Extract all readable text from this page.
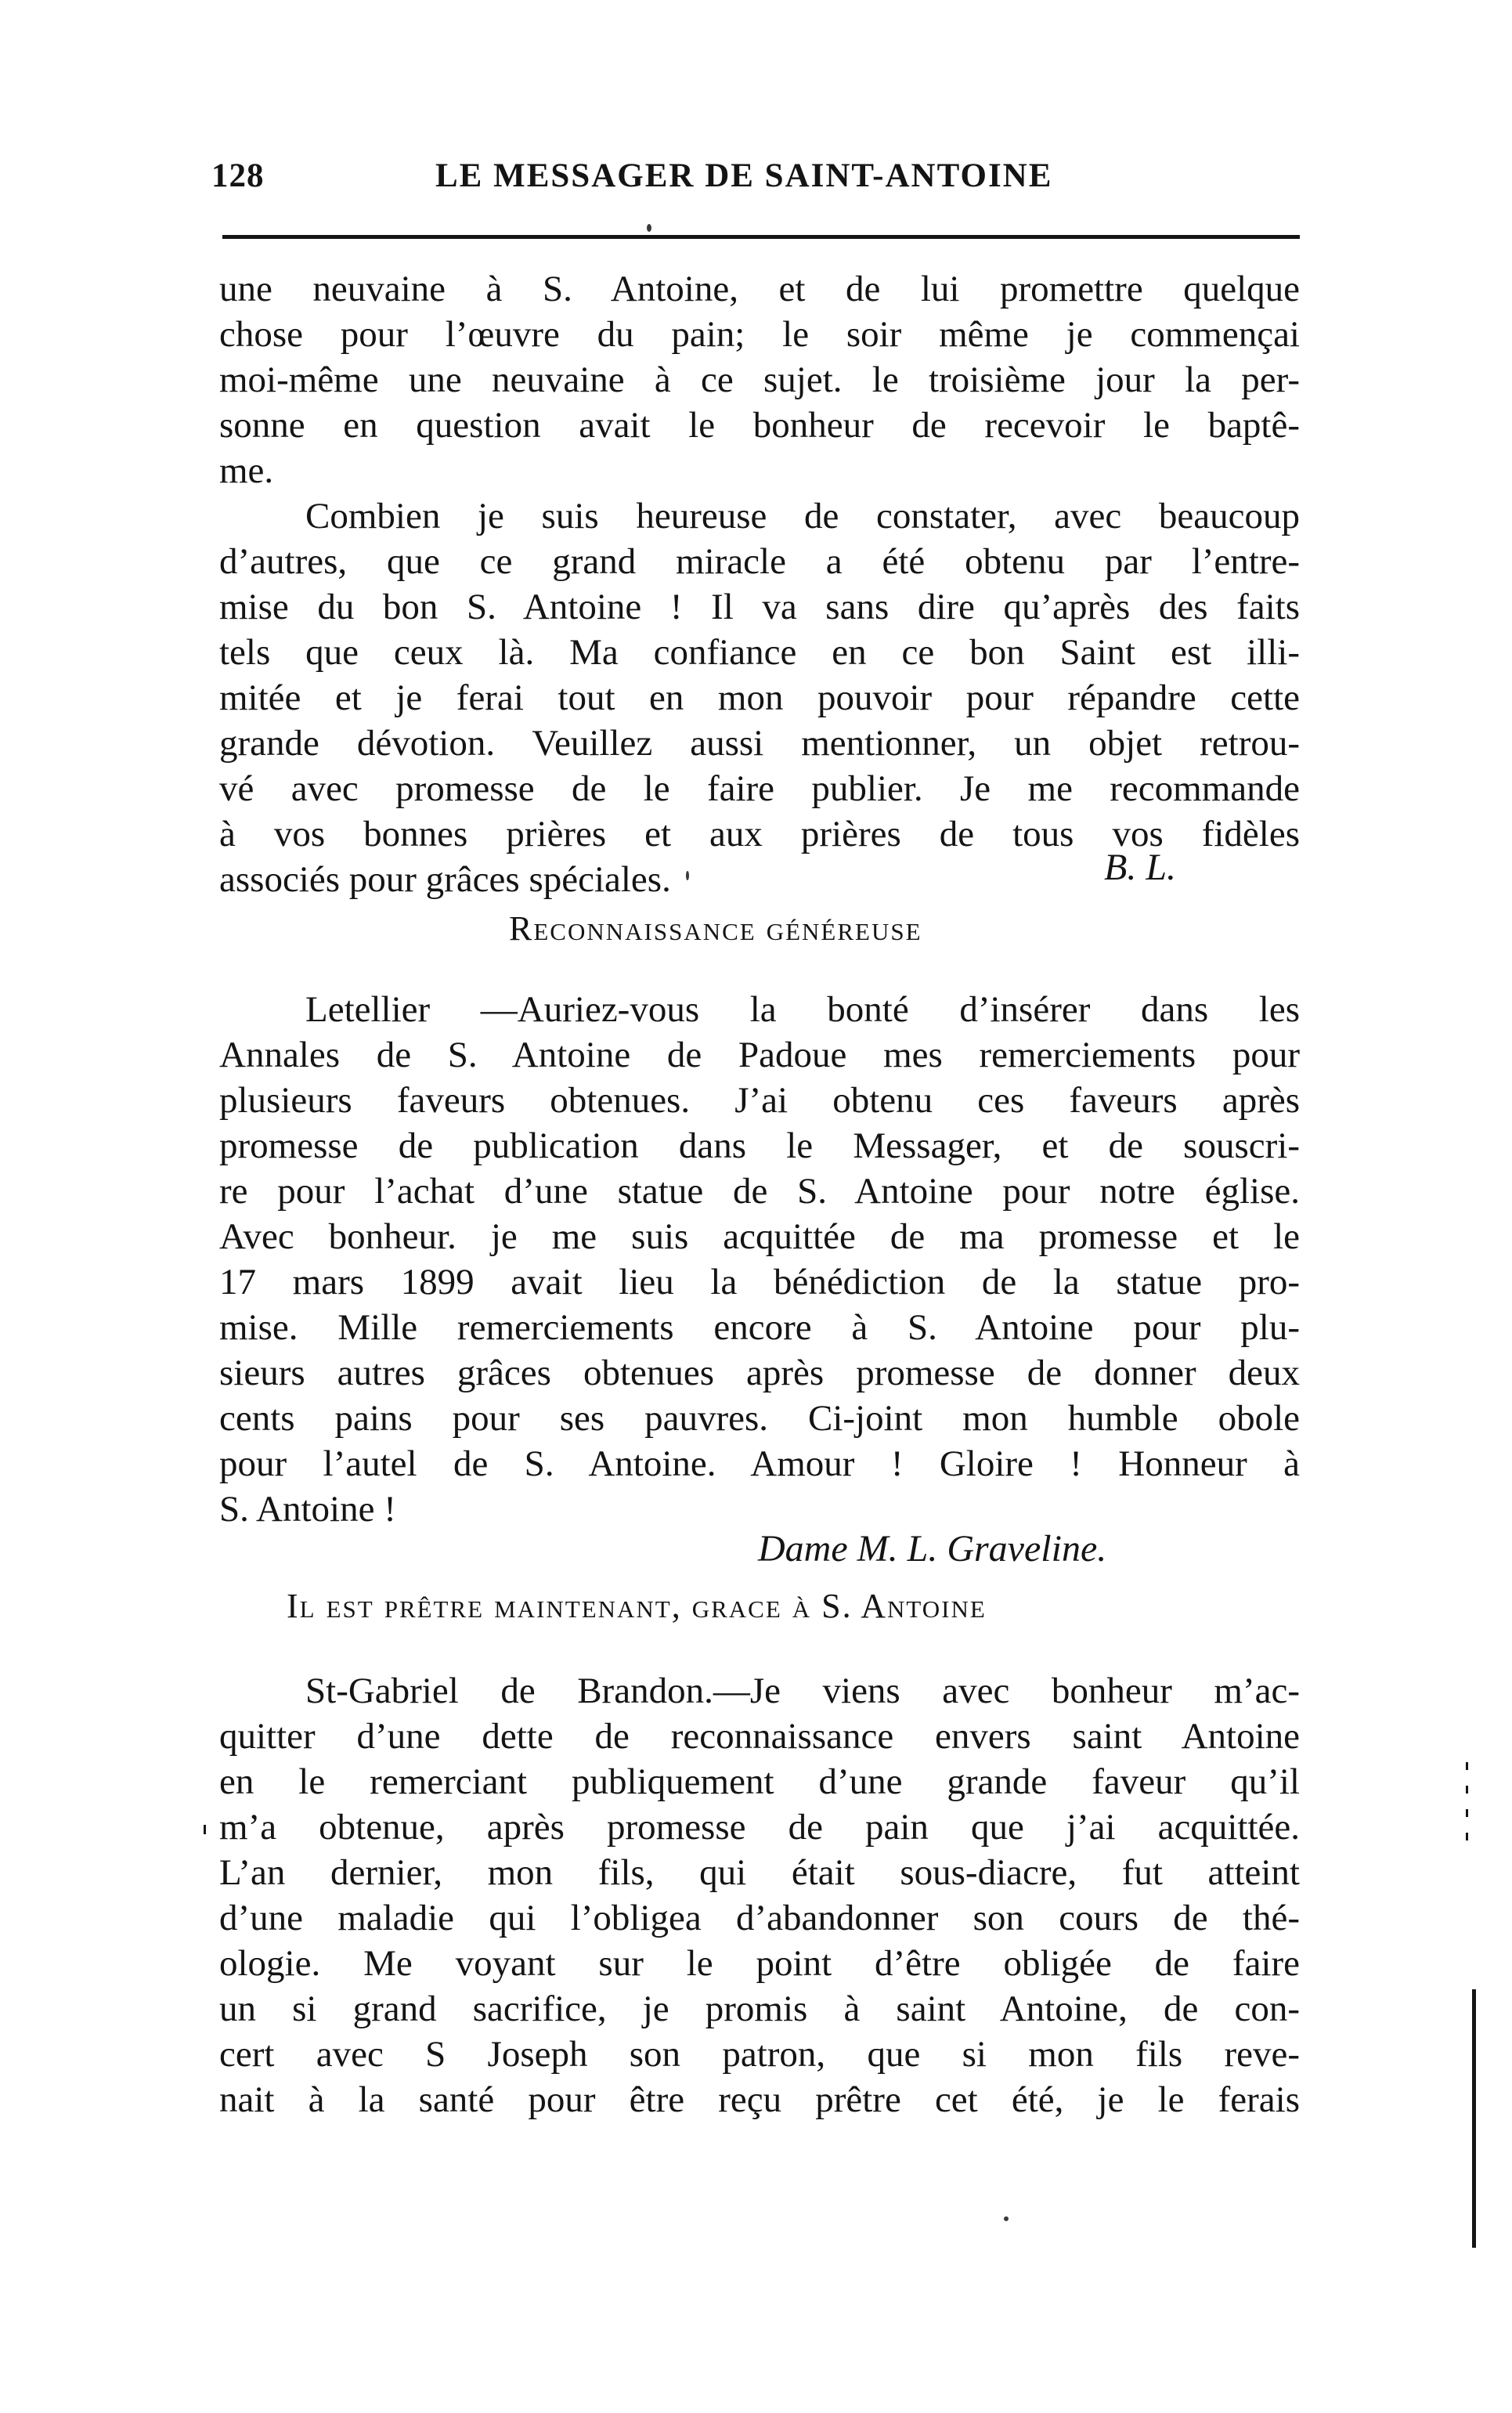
128	LE MESSAGER DE SAINT-ANTOINE
une neuvaine à S. Antoine, et de lui promettre quelque
chose pour l’œuvre du pain; le soir même je commençai
moi-même une neuvaine à ce sujet. le troisième jour la per-
sonne en question avait le bonheur de recevoir le baptê-
me.
Combien je suis heureuse de constater, avec beaucoup
d’autres, que ce grand miracle a été obtenu par l’entre-
mise du bon S. Antoine ! Il va sans dire qu’après des faits
tels que ceux là. Ma confiance en ce bon Saint est illi-
mitée et je ferai tout en mon pouvoir pour répandre cette
grande dévotion. Veuillez aussi mentionner, un objet retrou-
vé avec promesse de le faire publier. Je me recommande
à vos bonnes prières et aux prières de tous vos fidèles
associés pour grâces spéciales.	B. L.
Reconnaissance généreuse
Letellier —Auriez-vous la bonté d’insérer dans les
Annales de S. Antoine de Padoue mes remerciements pour
plusieurs faveurs obtenues. J’ai obtenu ces faveurs après
promesse de publication dans le Messager, et de souscri-
re pour l’achat d’une statue de S. Antoine pour notre église.
Avec bonheur. je me suis acquittée de ma promesse et le
17 mars 1899 avait lieu la bénédiction de la statue pro-
mise. Mille remerciements encore à S. Antoine pour plu-
sieurs autres grâces obtenues après promesse de donner deux
cents pains pour ses pauvres. Ci-joint mon humble obole
pour l’autel de S. Antoine. Amour ! Gloire ! Honneur à
S. Antoine !
Dame M. L. Graveline.
Il est prêtre maintenant, grace à S. Antoine
St-Gabriel de Brandon.—Je viens avec bonheur m’ac-
quitter d’une dette de reconnaissance envers saint Antoine
en le remerciant publiquement d’une grande faveur qu’il
m’a obtenue, après promesse de pain que j’ai acquittée.
L’an dernier, mon fils, qui était sous-diacre, fut atteint
d’une maladie qui l’obligea d’abandonner son cours de thé-
ologie. Me voyant sur le point d’être obligée de faire
un si grand sacrifice, je promis à saint Antoine, de con-
cert avec S Joseph son patron, que si mon fils reve-
nait à la santé pour être reçu prêtre cet été, je le ferais
